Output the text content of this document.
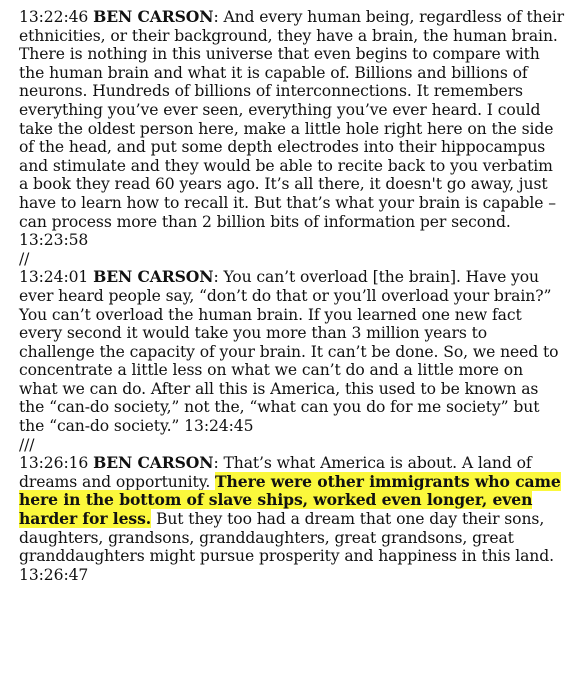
13:22:46 BEN CARSON: And every human being, regardless of their ethnicities, or their background, they have a brain, the human brain. There is nothing in this universe that even begins to compare with the human brain and what it is capable of. Billions and billions of neurons. Hundreds of billions of interconnections. It remembers everything you’ve ever seen, everything you’ve ever heard. I could take the oldest person here, make a little hole right here on the side of the head, and put some depth electrodes into their hippocampus and stimulate and they would be able to recite back to you verbatim a book they read 60 years ago. It’s all there, it doesn't go away, just have to learn how to recall it. But that’s what your brain is capable – can process more than 2 billion bits of information per second. 13:23:58

//

13:24:01 BEN CARSON: You can’t overload [the brain]. Have you ever heard people say, “don’t do that or you’ll overload your brain?” You can’t overload the human brain. If you learned one new fact every second it would take you more than 3 million years to challenge the capacity of your brain. It can’t be done. So, we need to concentrate a little less on what we can’t do and a little more on what we can do. After all this is America, this used to be known as the “can-do society,” not the, “what can you do for me society” but the “can-do society.” 13:24:45

///

13:26:16 BEN CARSON: That’s what America is about. A land of dreams and opportunity. There were other immigrants who came here in the bottom of slave ships, worked even longer, even harder for less. But they too had a dream that one day their sons, daughters, grandsons, granddaughters, great grandsons, great granddaughters might pursue prosperity and happiness in this land. 13:26:47
